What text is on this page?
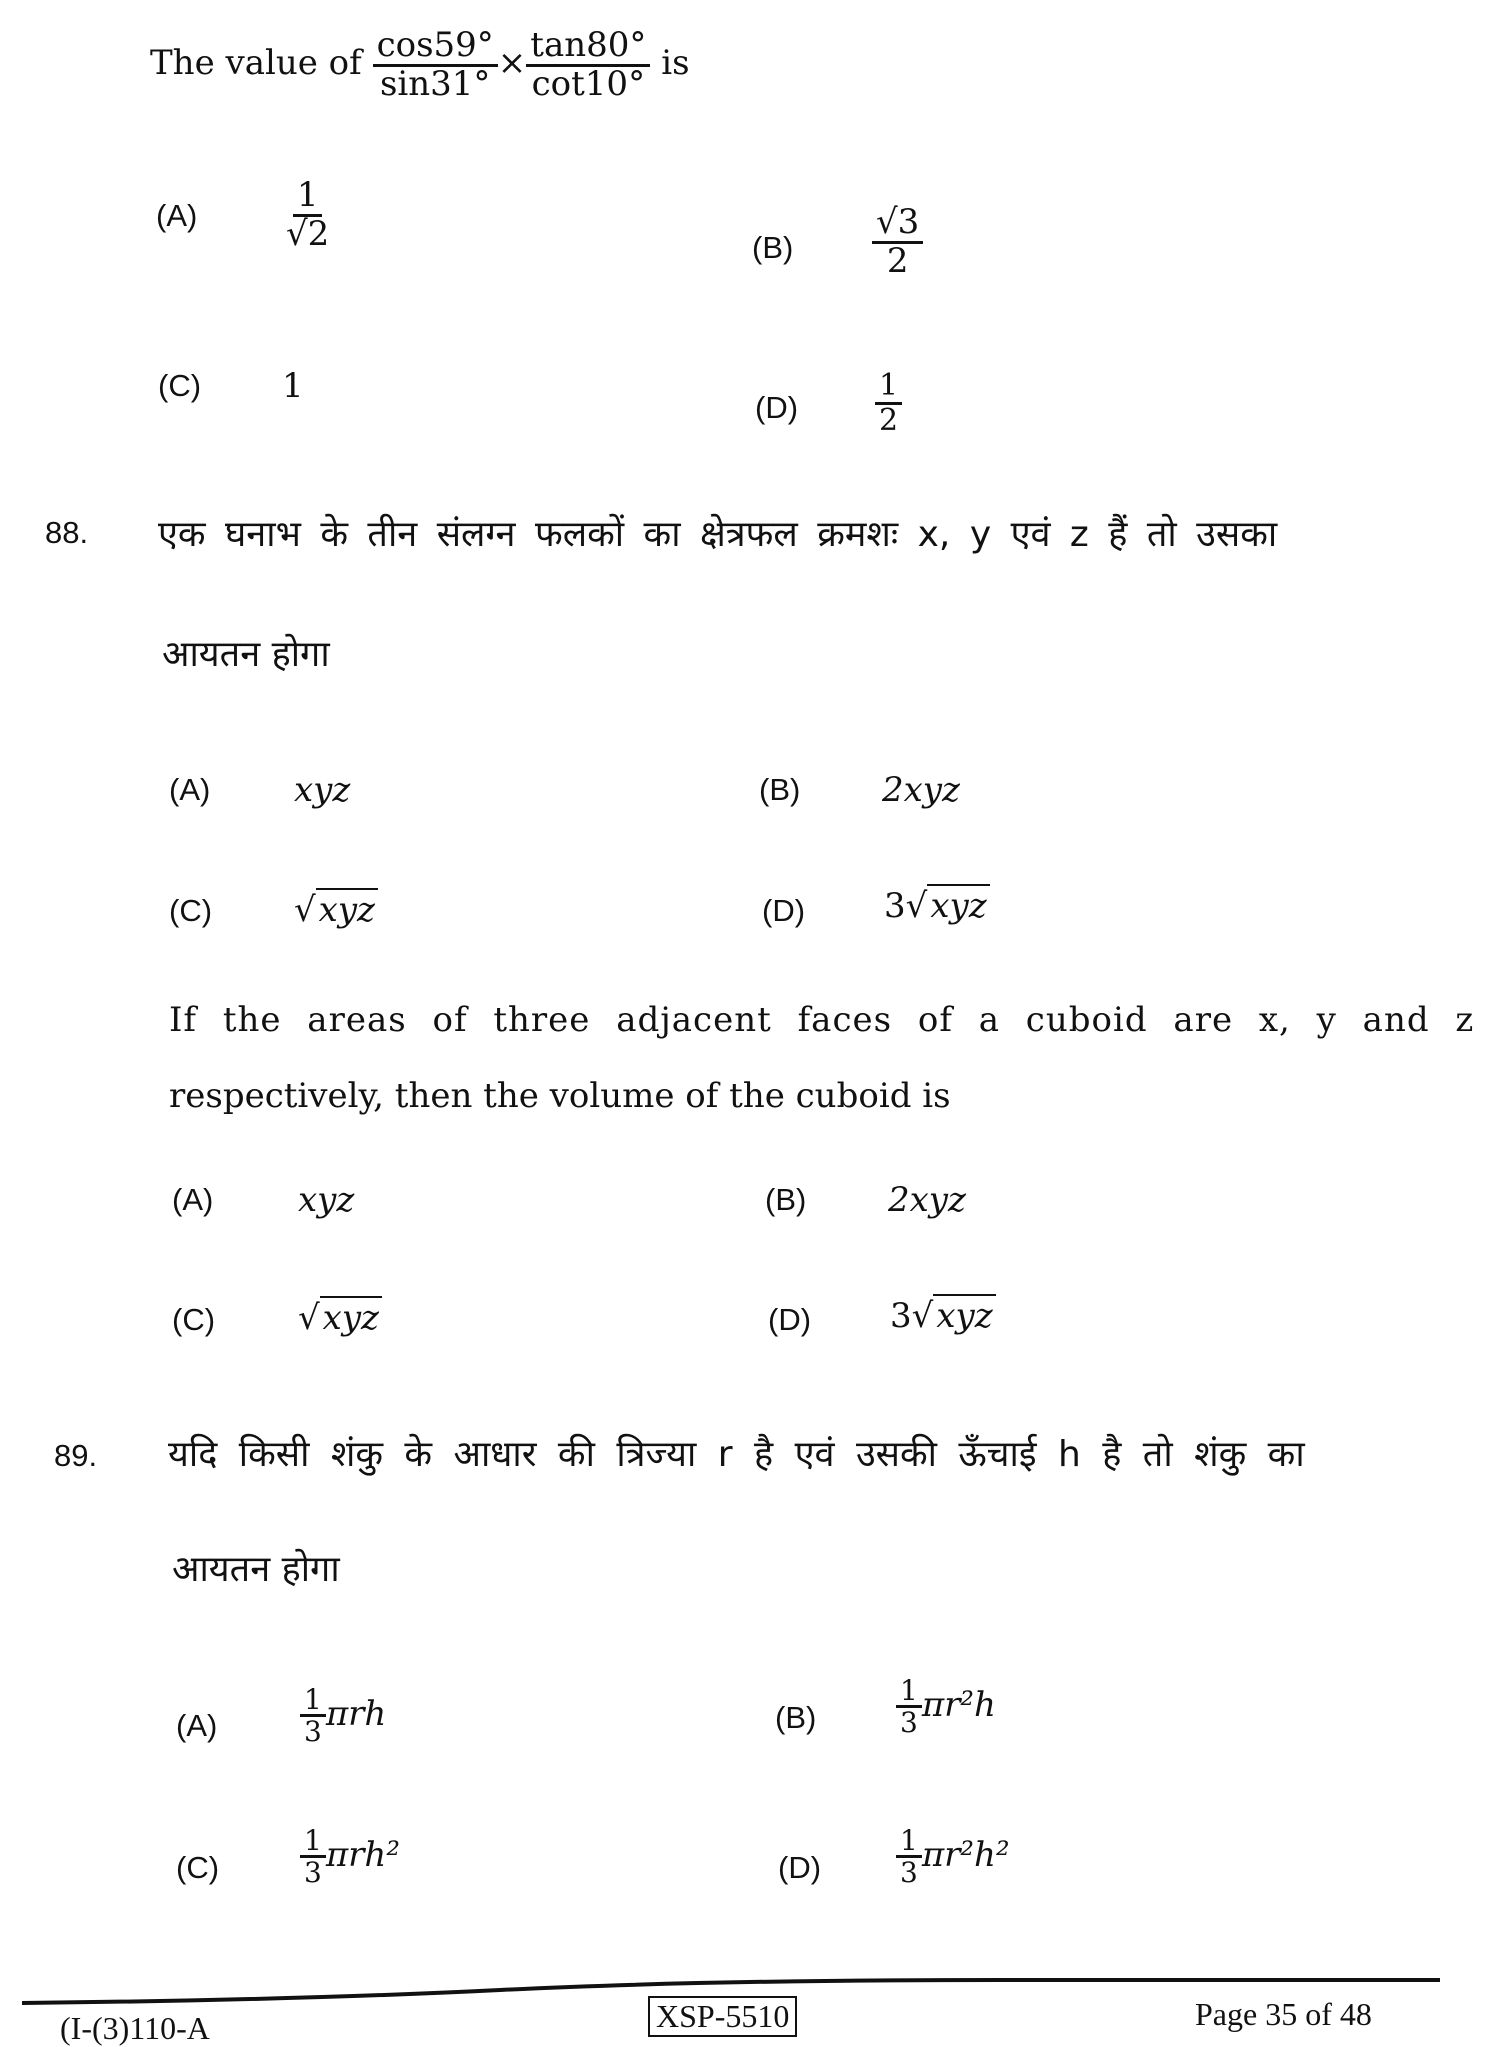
The value of $\frac{\cos 59^\circ}{\sin 31^\circ} \times \frac{\tan 80^\circ}{\cot 10^\circ}$ is
$(A) \frac{1}{√2}$	$(B) \frac{√3}{2}$
(C) 1
(D)	$\frac{1}{2}$
88. एक घनाभ के तीन संलग्न फलकों का क्षेत्रफल क्रमशः x, y एवं z हैं तो उसका
आयतन होगा
(A) xyz	(B) 2xyz
(C) √xyz	(D) 3√xyz
If the areas of three adjacent faces of a cuboid are x, y and z
respectively, then the volume of the cuboid is
(A) xyz	(B) 2xyz
(C) √xyz	(D) 3√xyz
89. यदि किसी शंकु के आधार की त्रिज्या r है एवं उसकी ऊँचाई h है तो शंकु का
आयतन होगा
(A)	$\frac{1}{3}$ πrh	(B)	$\frac{1}{3} \pi r^2h$
(C)	$\frac{1}{3} \pi rh^2$	(D)	$\frac{1}{3} \pi r^2h^2$
(I-(3)110-A	XSP-5510	Page 35 of 48
